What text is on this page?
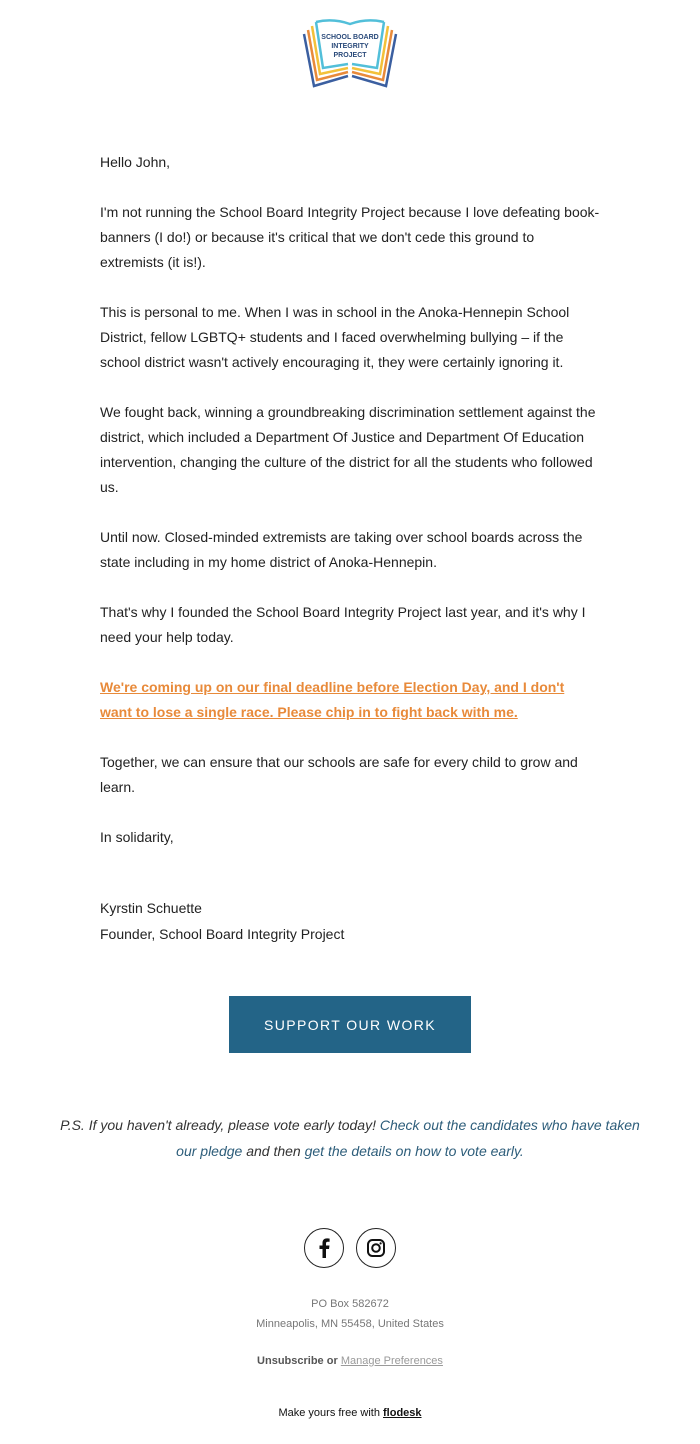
SCHOOL BOARD
INTEGRITY
PROJECT

Hello John,

I'm not running the School Board Integrity Project because I love defeating book-banners (I do!) or because it's critical that we don't cede this ground to extremists (it is!).

This is personal to me. When I was in school in the Anoka-Hennepin School District, fellow LGBTQ+ students and I faced overwhelming bullying – if the school district wasn't actively encouraging it, they were certainly ignoring it.

We fought back, winning a groundbreaking discrimination settlement against the district, which included a Department Of Justice and Department Of Education intervention, changing the culture of the district for all the students who followed us.

Until now. Closed-minded extremists are taking over school boards across the state including in my home district of Anoka-Hennepin.

That's why I founded the School Board Integrity Project last year, and it's why I need your help today.

We're coming up on our final deadline before Election Day, and I don't want to lose a single race. Please chip in to fight back with me.

Together, we can ensure that our schools are safe for every child to grow and learn.

In solidarity,

Kyrstin Schuette
Founder, School Board Integrity Project
SUPPORT OUR WORK
P.S. If you haven't already, please vote early today! Check out the candidates who have taken our pledge and then get the details on how to vote early.

PO Box 582672
Minneapolis, MN 55458, United States
Unsubscribe or Manage Preferences
Make yours free with flodesk
